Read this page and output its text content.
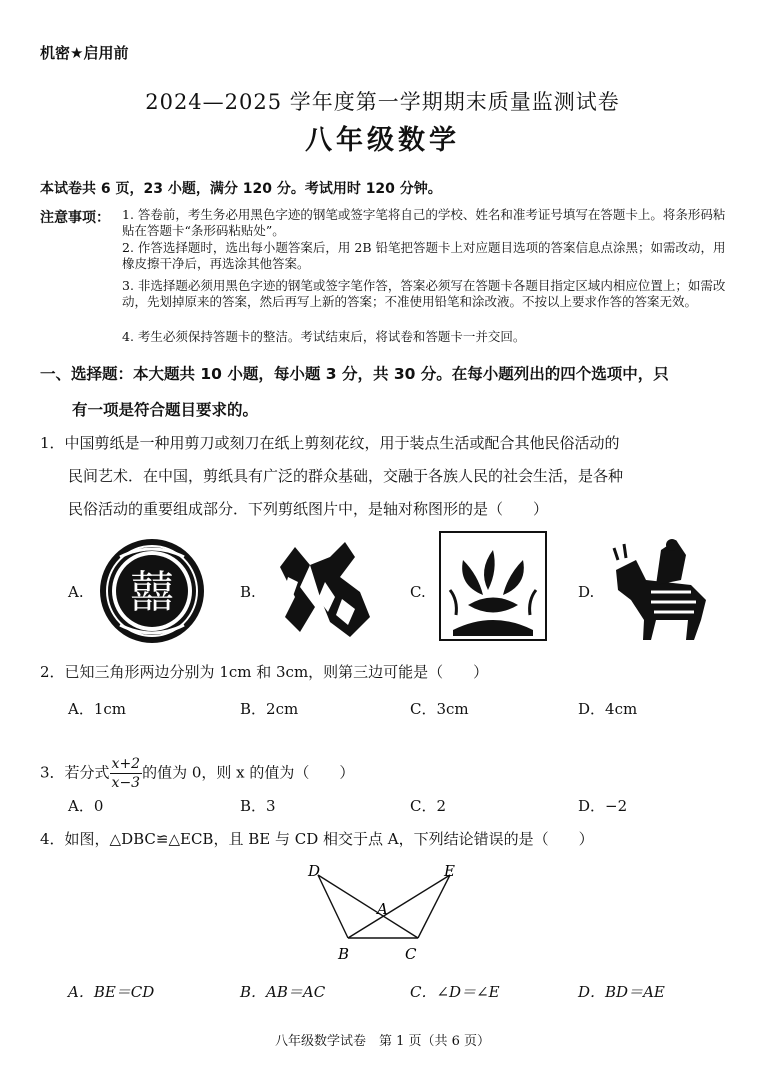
机密★启用前
2024—2025 学年度第一学期期末质量监测试卷
八年级数学
本试卷共 6 页，23 小题，满分 120 分。考试用时 120 分钟。
注意事项： 1. 答卷前，考生务必用黑色字迹的钢笔或签字笔将自己的学校、姓名和准考证号填写在答题卡上。将条形码粘贴在答题卡“条形码粘贴处”。
2. 作答选择题时，选出每小题答案后，用 2B 铅笔把答题卡上对应题目选项的答案信息点涂黑；如需改动，用橡皮擦干净后，再选涂其他答案。
3. 非选择题必须用黑色字迹的钢笔或签字笔作答，答案必须写在答题卡各题目指定区域内相应位置上；如需改动，先划掉原来的答案，然后再写上新的答案；不准使用铅笔和涂改液。不按以上要求作答的答案无效。
4. 考生必须保持答题卡的整洁。考试结束后，将试卷和答题卡一并交回。
一、选择题：本大题共 10 小题，每小题 3 分，共 30 分。在每小题列出的四个选项中，只
有一项是符合题目要求的。
1．中国剪纸是一种用剪刀或刻刀在纸上剪刻花纹，用于装点生活或配合其他民俗活动的
民间艺术．在中国，剪纸具有广泛的群众基础，交融于各族人民的社会生活，是各种
民俗活动的重要组成部分．下列剪纸图片中，是轴对称图形的是（　　）
A. 囍	B.	C.	D.
2．已知三角形两边分别为 1cm 和 3cm，则第三边可能是（　　）
A．1cm	B．2cm	C．3cm	D．4cm
3．若分式 $\frac{x+2}{x-3}$ 的值为 0，则 x 的值为（　　）
A．0	B．3	C．2	D．−2
4．如图，△DBC≌△ECB，且 BE 与 CD 相交于点 A，下列结论错误的是（　　）
D	E
A
B	C
A．BE＝CD	B．AB＝AC	C．∠D＝∠E	D．BD＝AE
八年级数学试卷　第 1 页（共 6 页）
